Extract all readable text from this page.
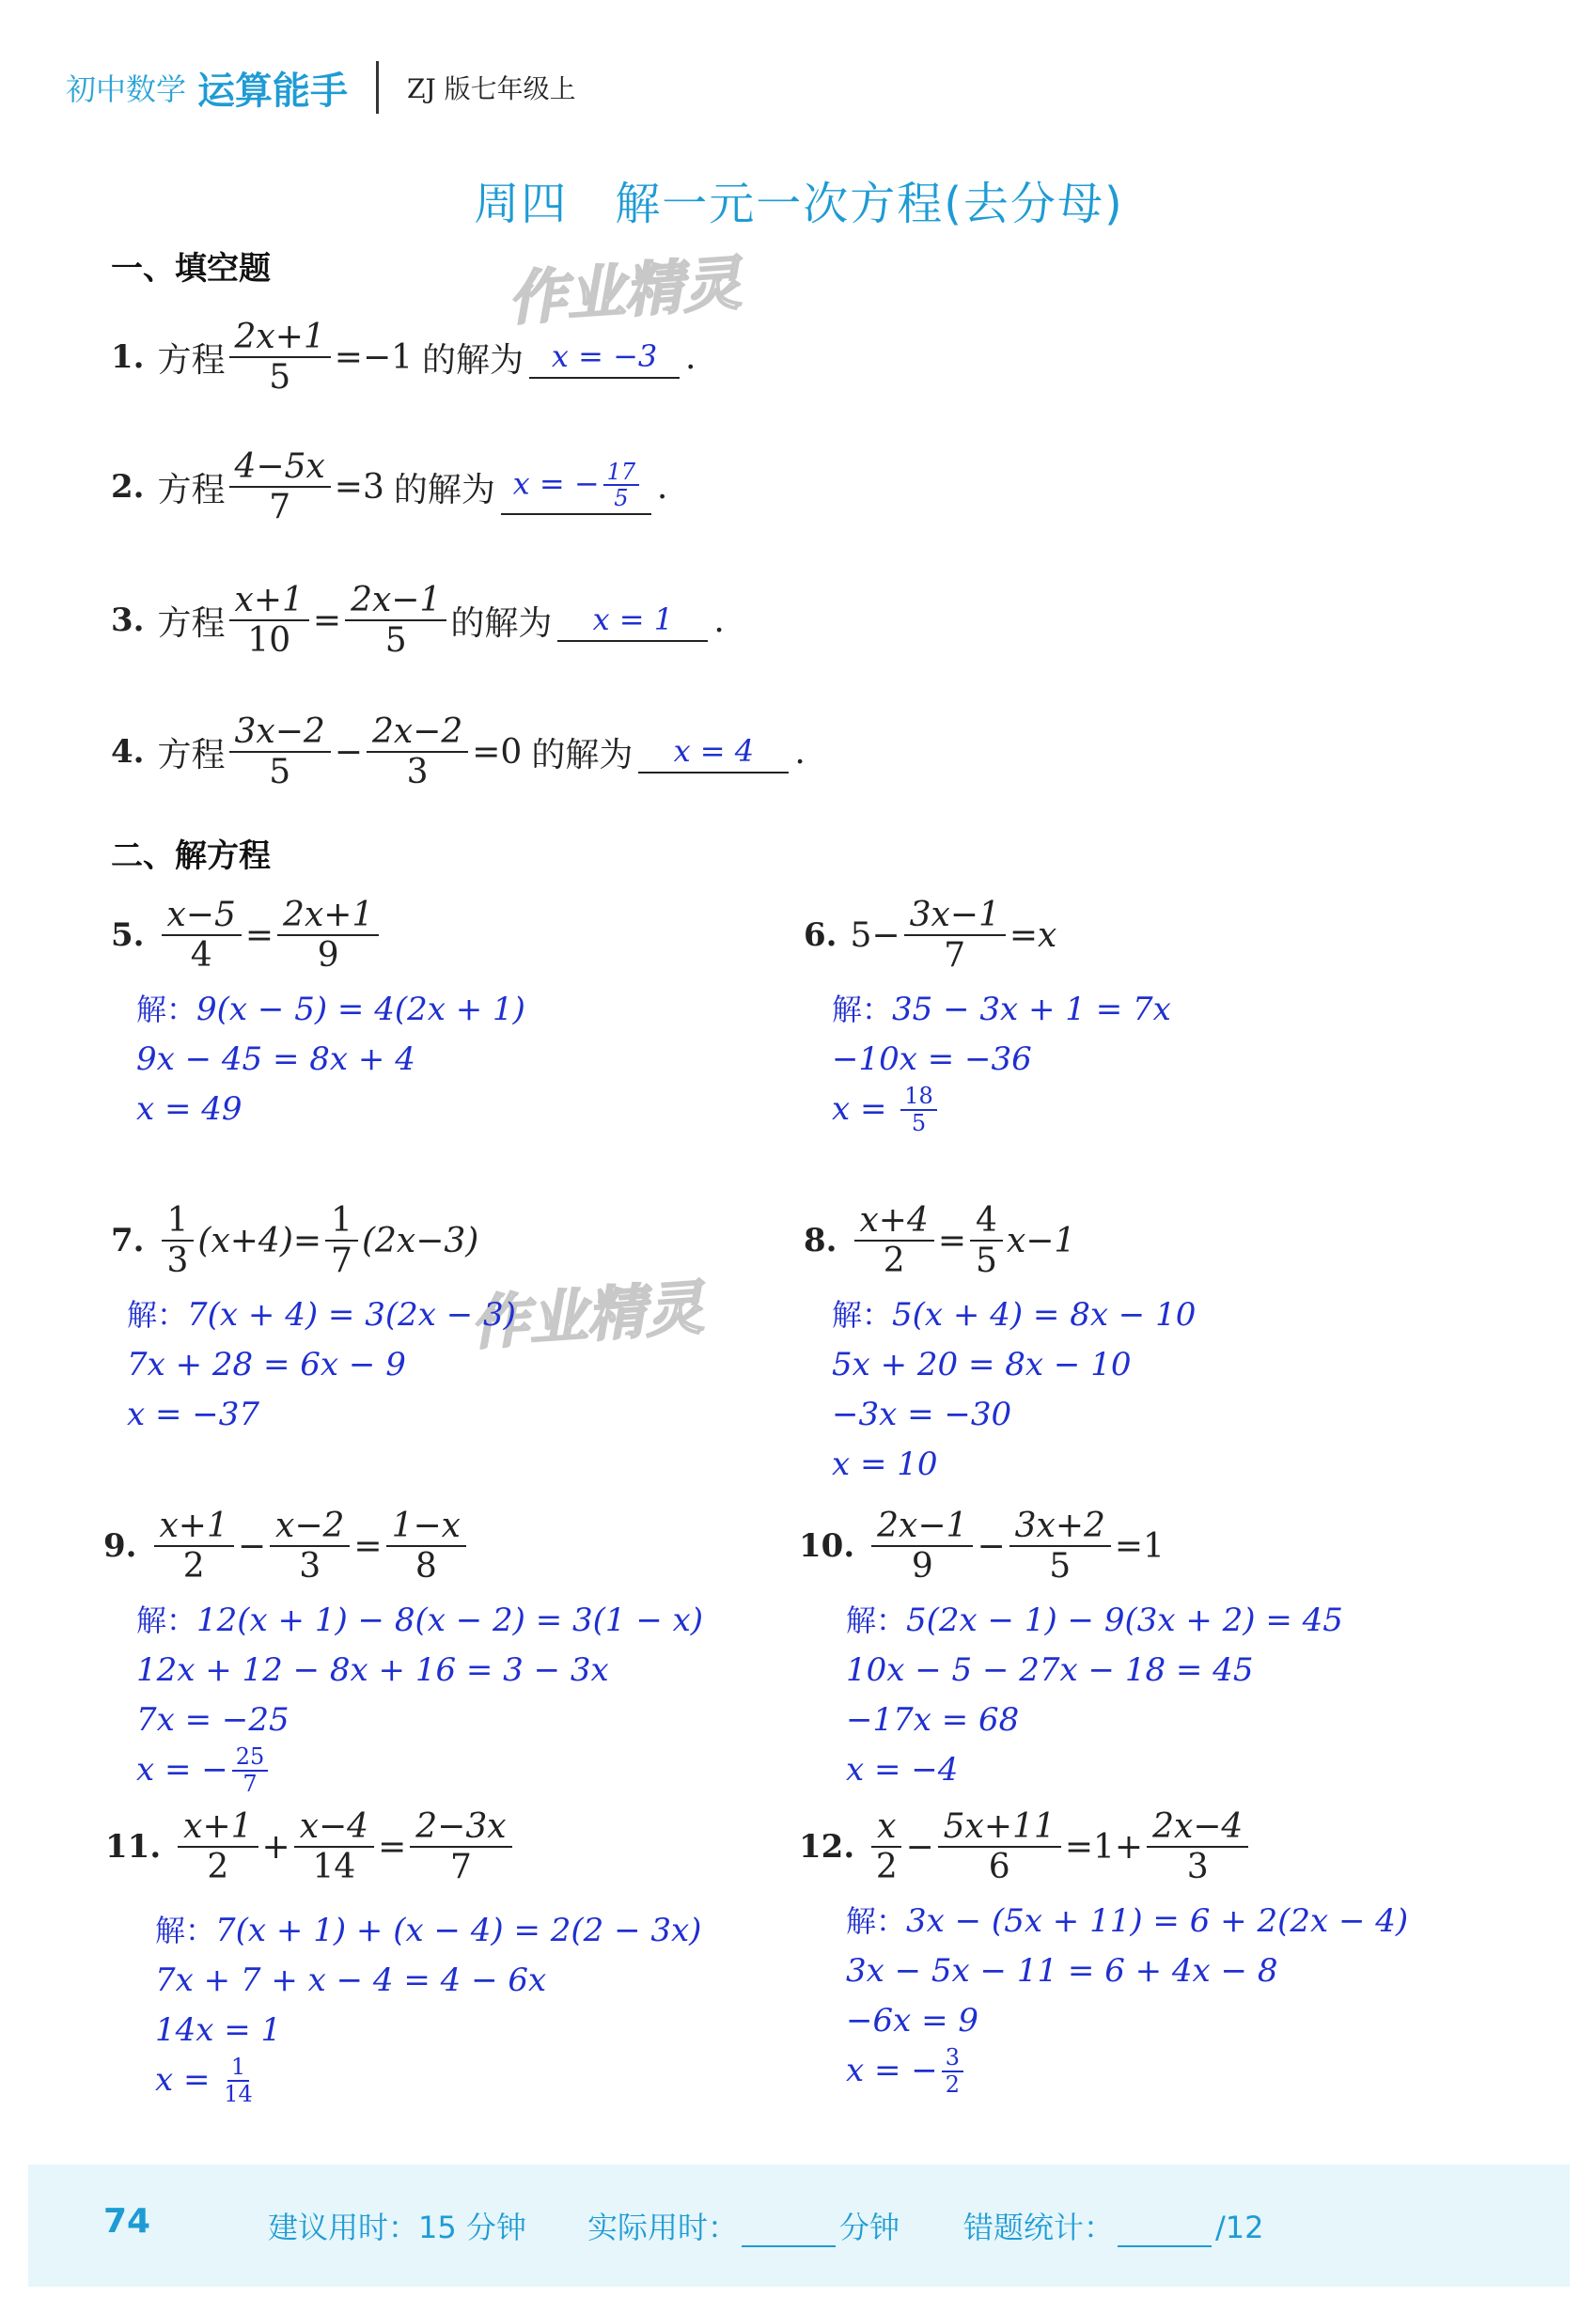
初中数学 运算能手 ZJ 版七年级上
周四 解一元一次方程(去分母)
作业精灵
作业精灵
一、填空题
1. 方程 $\frac{2x+1}{5} =-1$ 的解为 x = −3 .
2. 方程 $\frac{4-5x}{7} =3$ 的解为 x = − $\frac{17}{5}$ .
3. 方程 $\frac{x+1}{10} = \frac{2x-1}{5}$ 的解为	x = 1	.
4. 方程 $\frac{3x-2}{5} - \frac{2x-2}{3} =0$ 的解为	x = 4	.
二、解方程
5. $\frac{x-5}{4} = \frac{2x+1}{9}$
解： 9(x − 5) = 4(2x + 1)
9x − 45 = 8x + 4
x = 49
6. $5- \frac{3x-1}{7} =x$
解： 35 − 3x + 1 = 7x
−10x = −36
$x = \frac{18}{5}$
7. $\frac{1}{3} (x+4)= \frac{1}{7} (2x-3)$
解： 7(x + 4) = 3(2x − 3)
7x + 28 = 6x − 9
x = −37
8. $\frac{x+4}{2} = \frac{4}{5} x-1$
解： 5(x + 4) = 8x − 10
5x + 20 = 8x − 10
−3x = −30
x = 10
9. $\frac{x+1}{2} - \frac{x-2}{3} = \frac{1-x}{8}$
解： 12(x + 1) − 8(x − 2) = 3(1 − x)
12x + 12 − 8x + 16 = 3 − 3x
7x = −25
x = − $\frac{25}{7}$
10. $\frac{2x-1}{9} - \frac{3x+2}{5} =1$
解： 5(2x − 1) − 9(3x + 2) = 45
10x − 5 − 27x − 18 = 45
−17x = 68
x = −4
11. $\frac{x+1}{2} + \frac{x-4}{14} = \frac{2-3x}{7}$
解： 7(x + 1) + (x − 4) = 2(2 − 3x)
7x + 7 + x − 4 = 4 − 6x
14x = 1
$x = \frac{1}{14}$
12. $\frac{x}{2} - \frac{5x+11}{6} =1+ \frac{2x-4}{3}$
解： 3x − (5x + 11) = 6 + 2(2x − 4)
3x − 5x − 11 = 6 + 4x − 8
−6x = 9
x = − $\frac{3}{2}$
74	建议用时：15 分钟 实际用时：	分钟 错题统计：	/12
